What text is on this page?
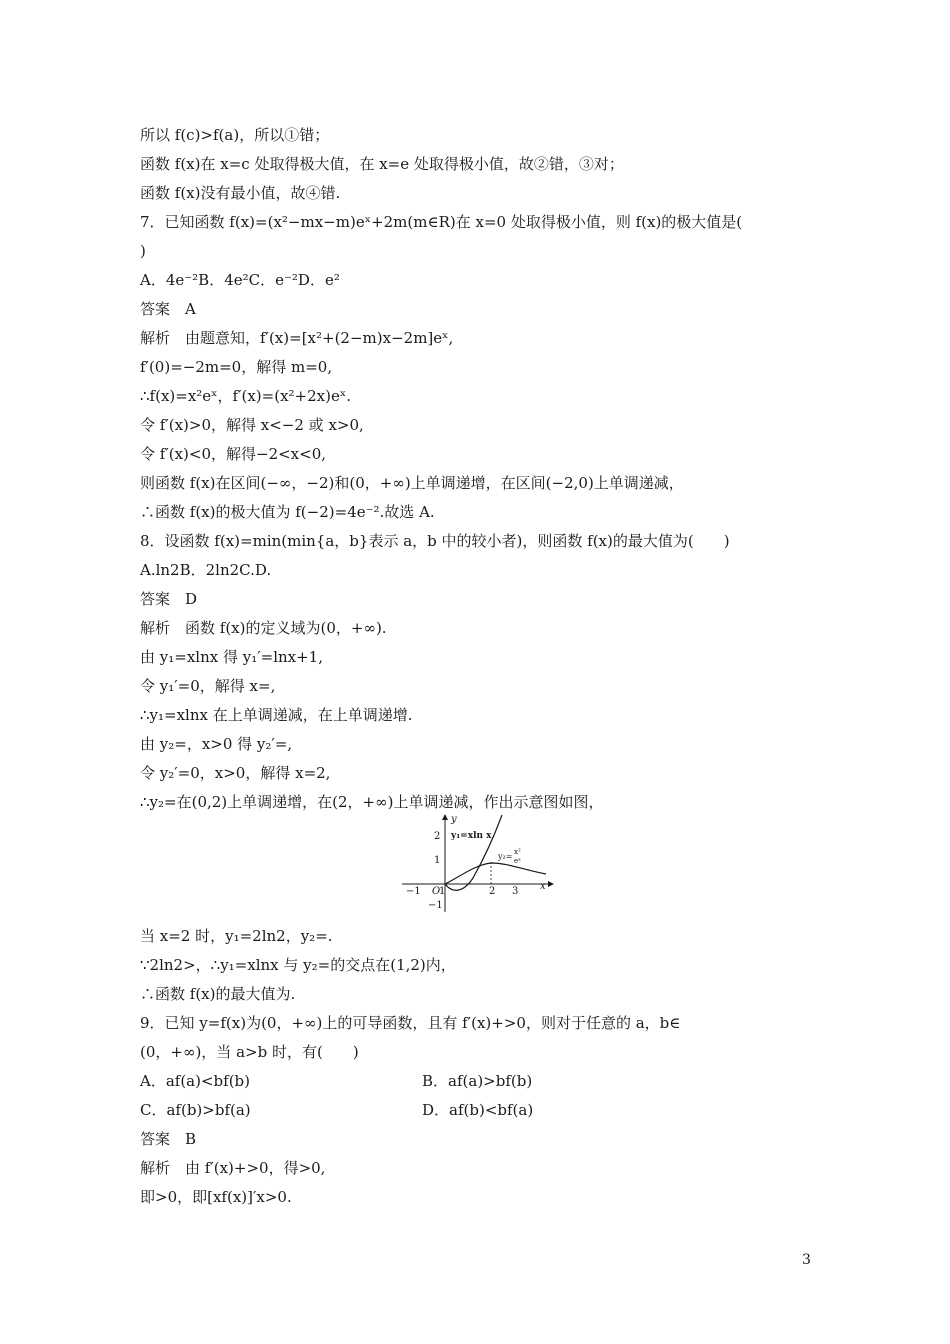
所以 f(c)>f(a)，所以①错；
函数 f(x)在 x=c 处取得极大值，在 x=e 处取得极小值，故②错，③对；
函数 f(x)没有最小值，故④错.
7．已知函数 f(x)=(x²−mx−m)eˣ+2m(m∈R)在 x=0 处取得极小值，则 f(x)的极大值是(
)
A．4e⁻²B．4e²C．e⁻²D．e²
答案　A
解析　由题意知，f′(x)=[x²+(2−m)x−2m]eˣ,
f′(0)=−2m=0，解得 m=0,
∴f(x)=x²eˣ，f′(x)=(x²+2x)eˣ.
令 f′(x)>0，解得 x<−2 或 x>0,
令 f′(x)<0，解得−2<x<0,
则函数 f(x)在区间(−∞，−2)和(0，+∞)上单调递增，在区间(−2,0)上单调递减，
∴函数 f(x)的极大值为 f(−2)=4e⁻².故选 A.
8．设函数 f(x)=min(min{a，b}表示 a，b 中的较小者)，则函数 f(x)的最大值为(　　)
A.ln2B．2ln2C.D.
答案　D
解析　函数 f(x)的定义域为(0，+∞).
由 y₁=xlnx 得 y₁′=lnx+1,
令 y₁′=0，解得 x=,
∴y₁=xlnx 在上单调递减，在上单调递增.
由 y₂=，x>0 得 y₂′=,
令 y₂′=0，x>0，解得 x=2,
∴y₂=在(0,2)上单调递增，在(2，+∞)上单调递减，作出示意图如图，
y
x
O
−1 1	2 3
2
1
−1
y₁=xln x
y₂= x²
eˣ
当 x=2 时，y₁=2ln2，y₂=.
∵2ln2>，∴y₁=xlnx 与 y₂=的交点在(1,2)内，
∴函数 f(x)的最大值为.
9．已知 y=f(x)为(0，+∞)上的可导函数，且有 f′(x)+>0，则对于任意的 a，b∈
(0，+∞)，当 a>b 时，有(　　)
A．af(a)<bf(b)	B．af(a)>bf(b)
C．af(b)>bf(a)	D．af(b)<bf(a)
答案　B
解析　由 f′(x)+>0，得>0,
即>0，即[xf(x)]′x>0.
3
